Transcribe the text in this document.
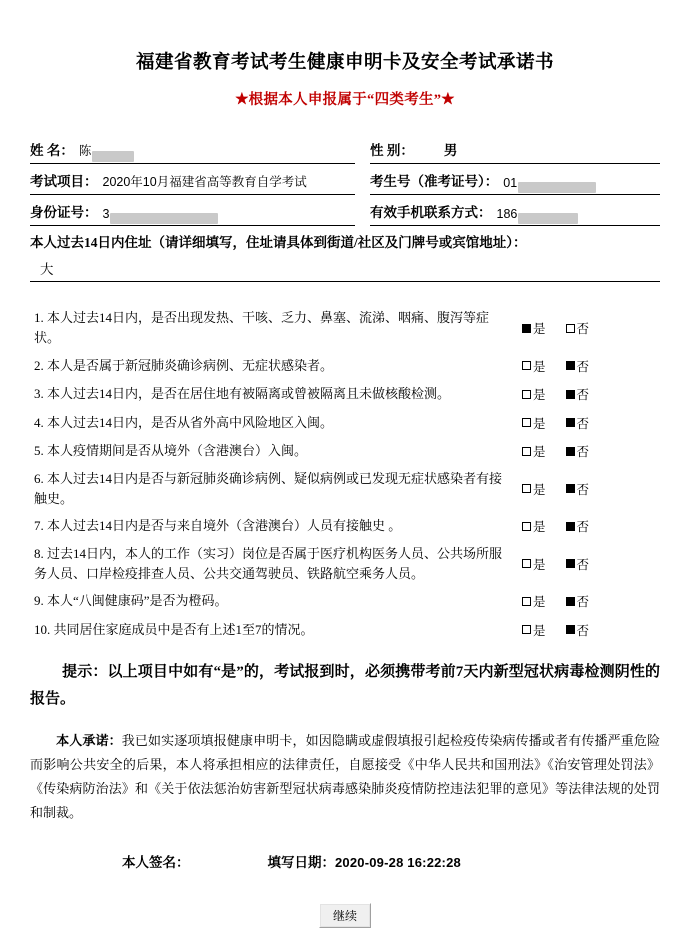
福建省教育考试考生健康申明卡及安全考试承诺书
★根据本人申报属于“四类考生”★
姓 名： 陈	性 别：	男
考试项目： 2020年10月福建省高等教育自学考试	考生号（准考证号）： 01
身份证号： 3	有效手机联系方式： 186
本人过去14日内住址（请详细填写，住址请具体到街道/社区及门牌号或宾馆地址）：
大
1. 本人过去14日内，是否出现发热、干咳、乏力、鼻塞、流涕、咽痛、腹泻等症状。
是 否
2. 本人是否属于新冠肺炎确诊病例、无症状感染者。	是 否
3. 本人过去14日内，是否在居住地有被隔离或曾被隔离且未做核酸检测。	是 否
4. 本人过去14日内，是否从省外高中风险地区入闽。	是 否
5. 本人疫情期间是否从境外（含港澳台）入闽。	是 否
6. 本人过去14日内是否与新冠肺炎确诊病例、疑似病例或已发现无症状感染者有接触史。
是 否
7. 本人过去14日内是否与来自境外（含港澳台）人员有接触史 。	是 否
8. 过去14日内，本人的工作（实习）岗位是否属于医疗机构医务人员、公共场所服务人员、口岸检疫排查人员、公共交通驾驶员、铁路航空乘务人员。
是 否
9. 本人“八闽健康码”是否为橙码。	是 否
10. 共同居住家庭成员中是否有上述1至7的情况。	是 否
提示：以上项目中如有“是”的，考试报到时，必须携带考前7天内新型冠状病毒检测阴性的报告。
本人承诺：我已如实逐项填报健康申明卡，如因隐瞒或虚假填报引起检疫传染病传播或者有传播严重危险而影响公共安全的后果，本人将承担相应的法律责任，自愿接受《中华人民共和国刑法》《治安管理处罚法》《传染病防治法》和《关于依法惩治妨害新型冠状病毒感染肺炎疫情防控违法犯罪的意见》等法律法规的处罚和制裁。
本人签名：	填写日期：2020-09-28 16:22:28
继续
